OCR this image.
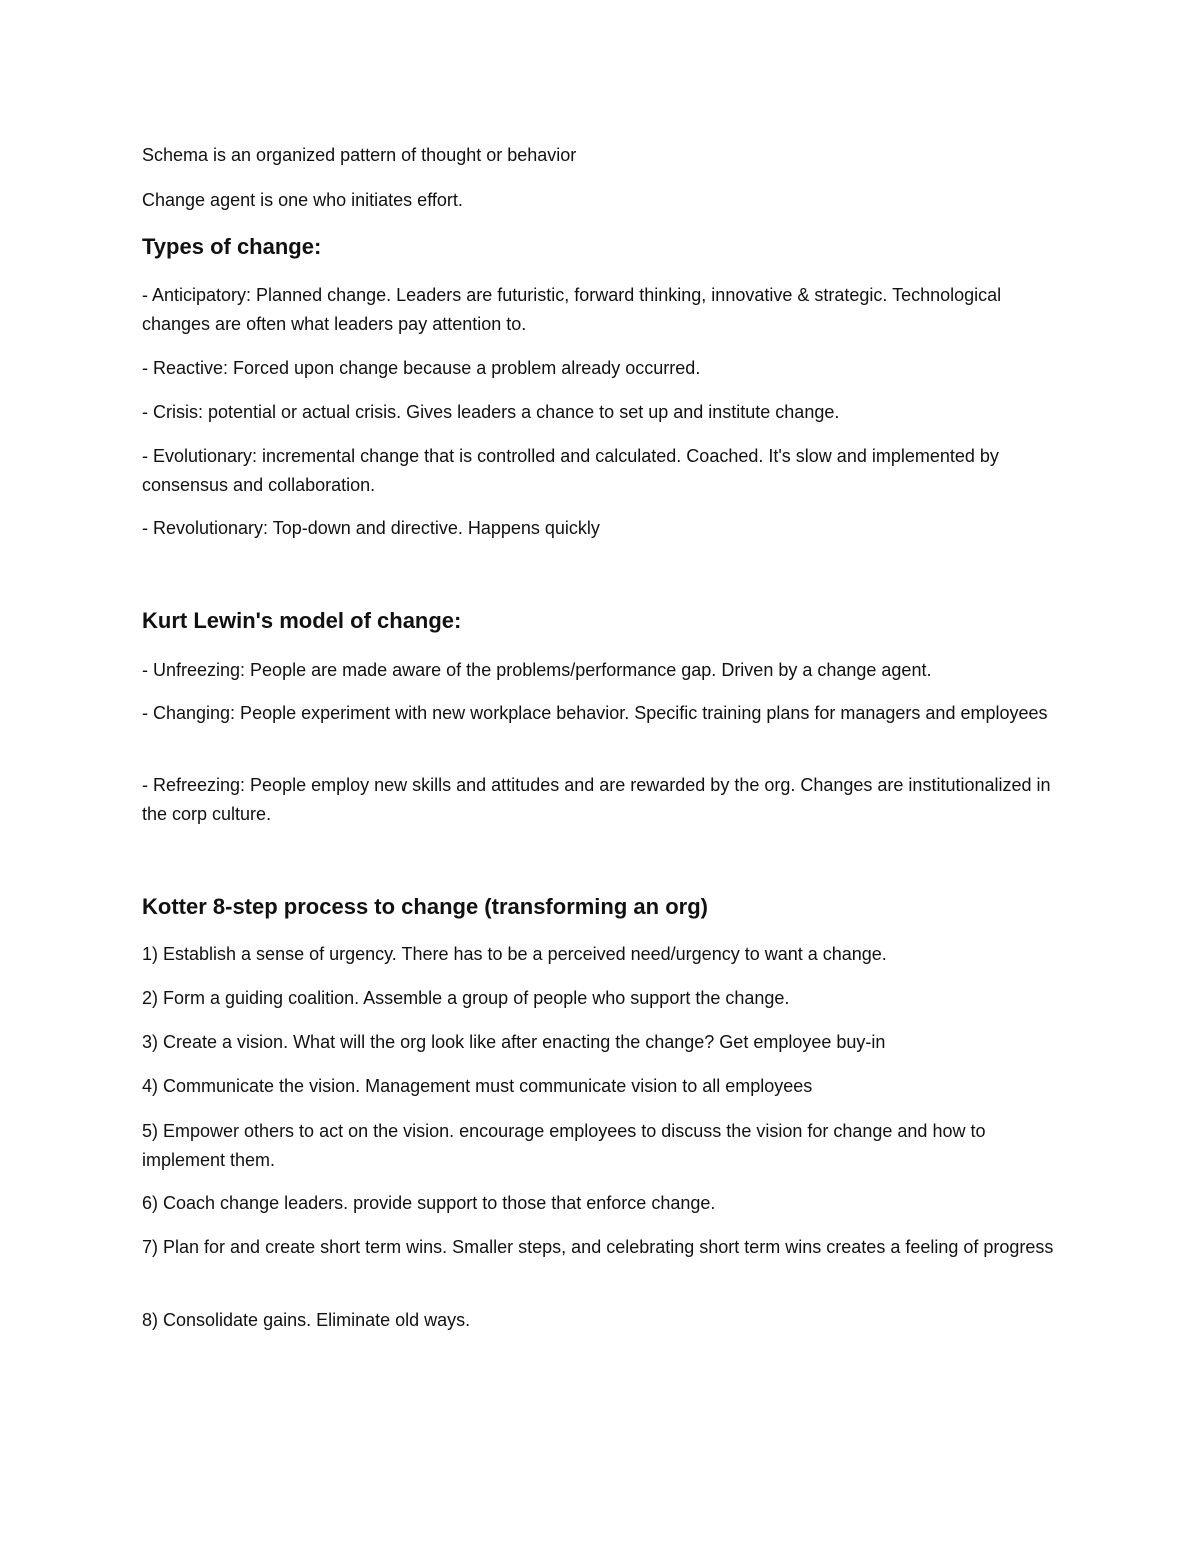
Schema is an organized pattern of thought or behavior

Change agent is one who initiates effort.

Types of change:

- Anticipatory: Planned change. Leaders are futuristic, forward thinking, innovative & strategic. Technological changes are often what leaders pay attention to.

- Reactive: Forced upon change because a problem already occurred.

- Crisis: potential or actual crisis. Gives leaders a chance to set up and institute change.

- Evolutionary: incremental change that is controlled and calculated. Coached. It's slow and implemented by consensus and collaboration.

- Revolutionary: Top-down and directive. Happens quickly

Kurt Lewin's model of change:

- Unfreezing: People are made aware of the problems/performance gap. Driven by a change agent.

- Changing: People experiment with new workplace behavior. Specific training plans for managers and employees

- Refreezing: People employ new skills and attitudes and are rewarded by the org. Changes are institutionalized in the corp culture.

Kotter 8-step process to change (transforming an org)

1) Establish a sense of urgency. There has to be a perceived need/urgency to want a change.

2) Form a guiding coalition. Assemble a group of people who support the change.

3) Create a vision. What will the org look like after enacting the change? Get employee buy-in

4) Communicate the vision. Management must communicate vision to all employees

5) Empower others to act on the vision. encourage employees to discuss the vision for change and how to implement them.

6) Coach change leaders. provide support to those that enforce change.

7) Plan for and create short term wins. Smaller steps, and celebrating short term wins creates a feeling of progress

8) Consolidate gains. Eliminate old ways.
